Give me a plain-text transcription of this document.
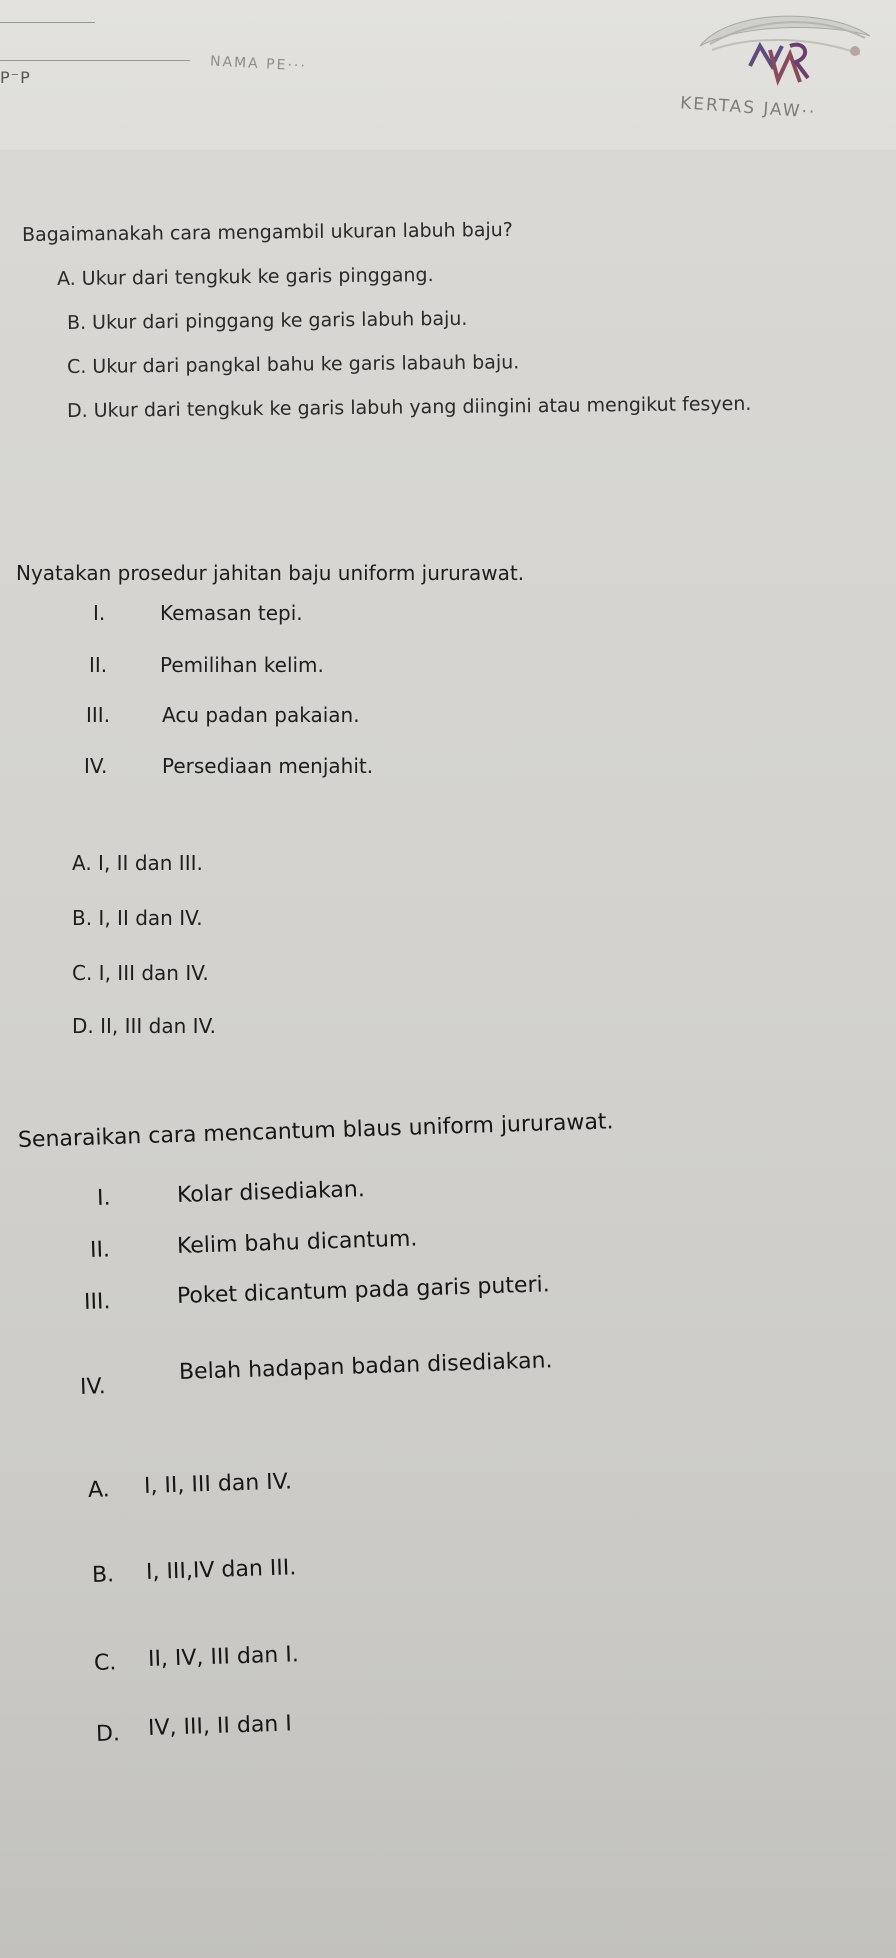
P⁻P
NAMA PE···
KERTAS JAW··
Bagaimanakah cara mengambil ukuran labuh baju?
A. Ukur dari tengkuk ke garis pinggang.
B. Ukur dari pinggang ke garis labuh baju.
C. Ukur dari pangkal bahu ke garis labauh baju.
D. Ukur dari tengkuk ke garis labuh yang diingini atau mengikut fesyen.
Nyatakan prosedur jahitan baju uniform jururawat.
I.	Kemasan tepi.
II.	Pemilihan kelim.
III.	Acu padan pakaian.
IV.	Persediaan menjahit.
A. I, II dan III.
B. I, II dan IV.
C. I, III dan IV.
D. II, III dan IV.
Senaraikan cara mencantum blaus uniform jururawat.
I.	Kolar disediakan.
II.	Kelim bahu dicantum.
III.	Poket dicantum pada garis puteri.
IV.
Belah hadapan badan disediakan.
A. I, II, III dan IV.
B. I, III,IV dan III.
C. II, IV, III dan I.
D. IV, III, II dan I
